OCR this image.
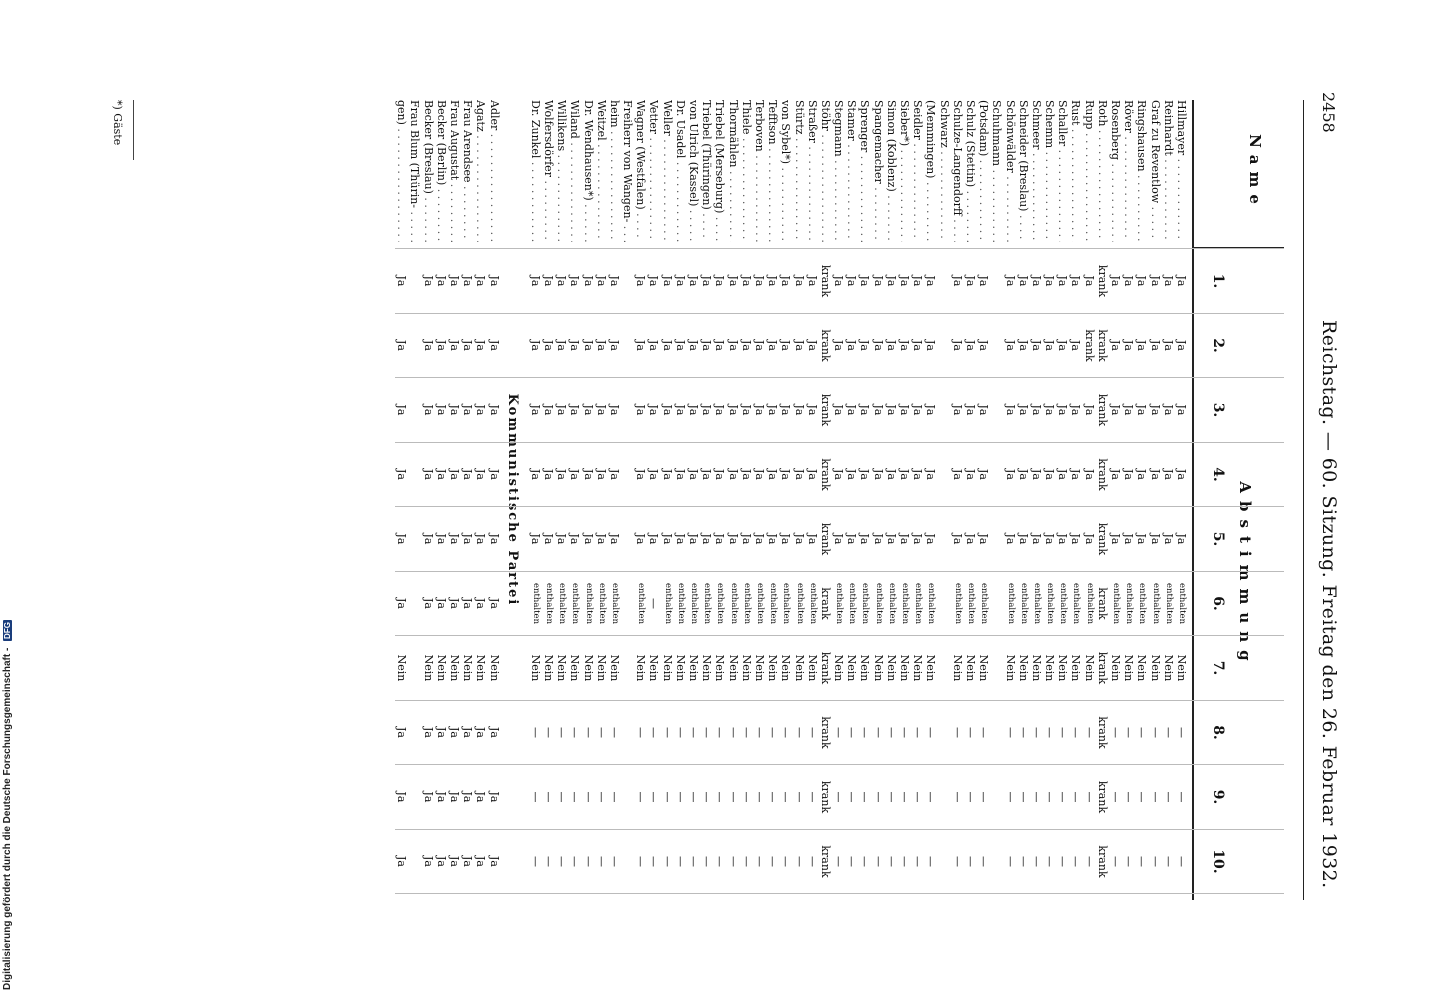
2458
Reichstag. — 60. Sitzung. Freitag den 26. Februar 1932.
Name
Abstimmung
1.
2.
3.
4.
5.
6.
7.
8.
9.
10.
Hillmayer . . .
Ja
Ja
Ja
Ja
Ja
enthalten
Nein
—
—
—
Reinhardt . . .
Ja
Ja
Ja
Ja
Ja
enthalten
Nein
—
—
—
Graf zu Reventlow . . .
Ja
Ja
Ja
Ja
Ja
enthalten
Nein
—
—
—
Ringshausen . . .
Ja
Ja
Ja
Ja
Ja
enthalten
Nein
—
—
—
Röver . . .
Ja
Ja
Ja
Ja
Ja
enthalten
Nein
—
—
—
Rosenberg . . .
Ja
Ja
Ja
Ja
Ja
enthalten
Nein
—
—
—
Roth . . .
krank
krank
krank
krank
krank
krank
krank
krank
krank
krank
Rupp . . .
Ja
krank
Ja
Ja
Ja
enthalten
Nein
—
—
—
Rust . . .
Ja
Ja
Ja
Ja
Ja
enthalten
Nein
—
—
—
Schaller . . .
Ja
Ja
Ja
Ja
Ja
enthalten
Nein
—
—
—
Schemm . . .
Ja
Ja
Ja
Ja
Ja
enthalten
Nein
—
—
—
Schmeer . . .
Ja
Ja
Ja
Ja
Ja
enthalten
Nein
—
—
—
Schneider (Breslau) . . .
Ja
Ja
Ja
Ja
Ja
enthalten
Nein
—
—
—
Schönwälder . . .
Ja
Ja
Ja
Ja
Ja
enthalten
Nein
—
—
—
Schuhmann . . .
(Potsdam) . . .
Ja
Ja
Ja
Ja
Ja
enthalten
Nein
—
—
—
Schulz (Stettin) . . .
Ja
Ja
Ja
Ja
Ja
enthalten
Nein
—
—
—
Schulze-Langendorff . . .
Ja
Ja
Ja
Ja
Ja
enthalten
Nein
—
—
—
Schwarz . . .
(Memmingen) . . .
Ja
Ja
Ja
Ja
Ja
enthalten
Nein
—
—
—
Seidler . . .
Ja
Ja
Ja
Ja
Ja
enthalten
Nein
—
—
—
Sieber*) . . .
Ja
Ja
Ja
Ja
Ja
enthalten
Nein
—
—
—
Simon (Koblenz) . . .
Ja
Ja
Ja
Ja
Ja
enthalten
Nein
—
—
—
Spangemacher . . .
Ja
Ja
Ja
Ja
Ja
enthalten
Nein
—
—
—
Sprenger . . .
Ja
Ja
Ja
Ja
Ja
enthalten
Nein
—
—
—
Stamer . . .
Ja
Ja
Ja
Ja
Ja
enthalten
Nein
—
—
—
Stegmann . . .
Ja
Ja
Ja
Ja
Ja
enthalten
Nein
—
—
—
Stöhr . . .
krank
krank
krank
krank
krank
krank
krank
krank
krank
krank
Straßer . . .
Ja
Ja
Ja
Ja
Ja
enthalten
Nein
—
—
—
Stürtz . . .
Ja
Ja
Ja
Ja
Ja
enthalten
Nein
—
—
—
von Sybel*) . . .
Ja
Ja
Ja
Ja
Ja
enthalten
Nein
—
—
—
Tefftson . . .
Ja
Ja
Ja
Ja
Ja
enthalten
Nein
—
—
—
Terboven . . .
Ja
Ja
Ja
Ja
Ja
enthalten
Nein
—
—
—
Thiele . . .
Ja
Ja
Ja
Ja
Ja
enthalten
Nein
—
—
—
Thormählen . . .
Ja
Ja
Ja
Ja
Ja
enthalten
Nein
—
—
—
Triebel (Merseburg) . . .
Ja
Ja
Ja
Ja
Ja
enthalten
Nein
—
—
—
Triebel (Thüringen) . . .
Ja
Ja
Ja
Ja
Ja
enthalten
Nein
—
—
—
von Ulrich (Kassel) . . .
Ja
Ja
Ja
Ja
Ja
enthalten
Nein
—
—
—
Dr. Usadel . . .
Ja
Ja
Ja
Ja
Ja
enthalten
Nein
—
—
—
Weller . . .
Ja
Ja
Ja
Ja
Ja
enthalten
Nein
—
—
—
Vetter . . .
Ja
Ja
Ja
Ja
Ja
—
Nein
—
—
—
Wagner (Westfalen) . . .
Ja
Ja
Ja
Ja
Ja
enthalten
Nein
—
—
—
Freiherr von Wangen- . . .
heim . . .
Ja
Ja
Ja
Ja
Ja
enthalten
Nein
—
—
—
Weitzel . . .
Ja
Ja
Ja
Ja
Ja
enthalten
Nein
—
—
—
Dr. Wendhausen*) . . .
Ja
Ja
Ja
Ja
Ja
enthalten
Nein
—
—
—
Wiland . . .
Ja
Ja
Ja
Ja
Ja
enthalten
Nein
—
—
—
Willikens . . .
Ja
Ja
Ja
Ja
Ja
enthalten
Nein
—
—
—
Wolfersdörfer . . .
Ja
Ja
Ja
Ja
Ja
enthalten
Nein
—
—
—
Dr. Zunkel . . .
Ja
Ja
Ja
Ja
Ja
enthalten
Nein
—
—
—
Kommunistische Partei
Adler . . .
Ja
Ja
Ja
Ja
Ja
Ja
Nein
Ja
Ja
Ja
Agatz . . .
Ja
Ja
Ja
Ja
Ja
Ja
Nein
Ja
Ja
Ja
Frau Arendsee . . .
Ja
Ja
Ja
Ja
Ja
Ja
Nein
Ja
Ja
Ja
Frau Augustat . . .
Ja
Ja
Ja
Ja
Ja
Ja
Nein
Ja
Ja
Ja
Becker (Berlin) . . .
Ja
Ja
Ja
Ja
Ja
Ja
Nein
Ja
Ja
Ja
Becker (Breslau) . . .
Ja
Ja
Ja
Ja
Ja
Ja
Nein
Ja
Ja
Ja
Frau Blum (Thürin- . . .
gen) . . .
Ja
Ja
Ja
Ja
Ja
Ja
Nein
Ja
Ja
Ja
*) Gäste
Digitalisierung gefördert durch die Deutsche Forschungsgemeinschaft - DFG
